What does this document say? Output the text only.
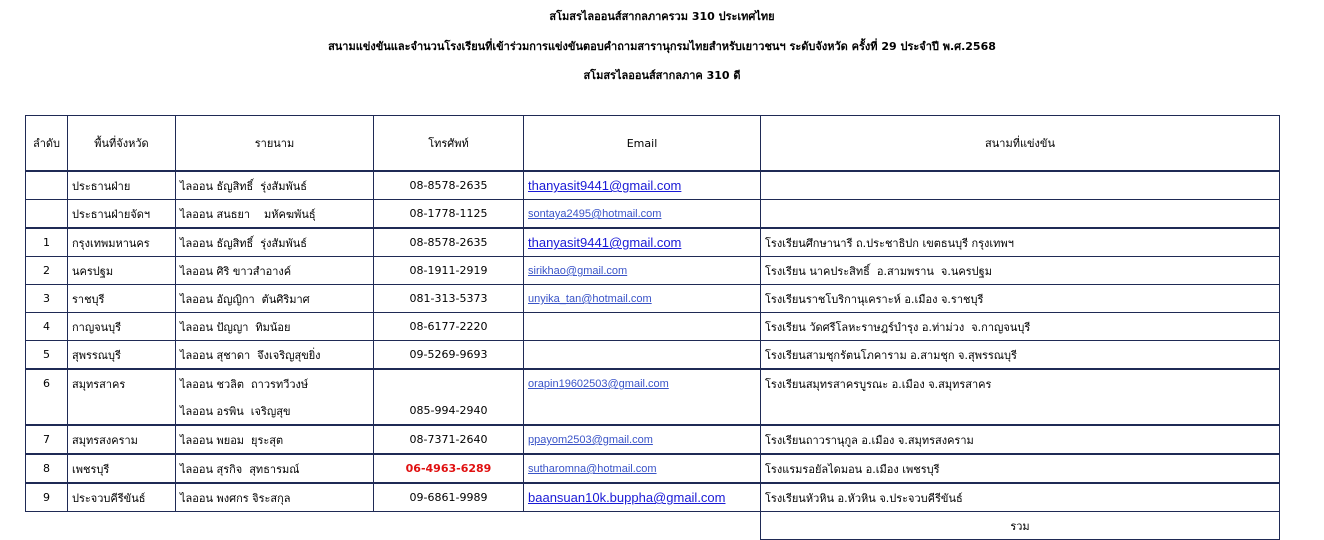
สโมสรไลออนส์สากลภาครวม 310 ประเทศไทย
สนามแข่งขันและจำนวนโรงเรียนที่เข้าร่วมการแข่งขันตอบคำถามสารานุกรมไทยสำหรับเยาวชนฯ ระดับจังหวัด ครั้งที่ 29 ประจำปี พ.ศ.2568
สโมสรไลออนส์สากลภาค 310 ดี
ลำดับ	พื้นที่จังหวัด	รายนาม	โทรศัพท์	Email	สนามที่แข่งขัน
	ประธานฝ่าย	ไลออน ธัญสิทธิ์  รุ่งสัมพันธ์	08-8578-2635	thanyasit9441@gmail.com	
	ประธานฝ่ายจัดฯ	ไลออน สนธยา    มหัคฆพันธุ์	08-1778-1125	sontaya2495@hotmail.com	
1	กรุงเทพมหานคร	ไลออน ธัญสิทธิ์  รุ่งสัมพันธ์	08-8578-2635	thanyasit9441@gmail.com	โรงเรียนศึกษานารี ถ.ประชาธิปก เขตธนบุรี กรุงเทพฯ
2	นครปฐม	ไลออน ศิริ ขาวสำอางค์	08-1911-2919	sirikhao@gmail.com	โรงเรียน นาคประสิทธิ์  อ.สามพราน  จ.นครปฐม
3	ราชบุรี	ไลออน อัญญิกา  ตันศิริมาศ	081-313-5373	unyika_tan@hotmail.com	โรงเรียนราชโบริกานุเคราะห์ อ.เมือง จ.ราชบุรี
4	กาญจนบุรี	ไลออน ปัญญา  ทิมน้อย	08-6177-2220		โรงเรียน วัดศรีโลหะราษฎร์บำรุง อ.ท่าม่วง  จ.กาญจนบุรี
5	สุพรรณบุรี	ไลออน สุชาดา  จึงเจริญสุขยิ่ง	09-5269-9693		โรงเรียนสามชุกรัตนโภคาราม อ.สามชุก จ.สุพรรณบุรี
6	สมุทรสาคร	ไลออน ชวลิต  ถาวรทวีวงษ์		orapin19602503@gmail.com	โรงเรียนสมุทรสาครบูรณะ อ.เมือง จ.สมุทรสาคร
		ไลออน อรพิน  เจริญสุข	085-994-2940		
7	สมุทรสงคราม	ไลออน พยอม  ยุระสุต	08-7371-2640	ppayom2503@gmail.com	โรงเรียนถาวรานุกูล อ.เมือง จ.สมุทรสงคราม
8	เพชรบุรี	ไลออน สุรกิจ  สุทธารมณ์	06-4963-6289	sutharomna@hotmail.com	โรงแรมรอยัลไดมอน อ.เมือง เพชรบุรี
9	ประจวบคีรีขันธ์	ไลออน พงศกร จิระสกุล	09-6861-9989	baansuan10k.buppha@gmail.com	โรงเรียนหัวหิน อ.หัวหิน จ.ประจวบคีรีขันธ์
					รวม
